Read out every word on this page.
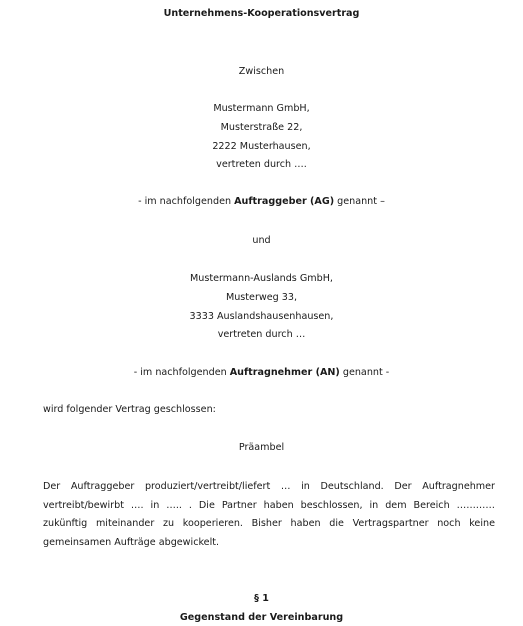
Unternehmens-Kooperationsvertrag
Zwischen
Mustermann GmbH,
Musterstraße 22,
2222 Musterhausen,
vertreten durch ….
- im nachfolgenden Auftraggeber (AG) genannt –
und
Mustermann-Auslands GmbH,
Musterweg 33,
3333 Auslandshausenhausen,
vertreten durch …
- im nachfolgenden Auftragnehmer (AN) genannt -
wird folgender Vertrag geschlossen:
Präambel
Der Auftraggeber produziert/vertreibt/liefert … in Deutschland. Der Auftragnehmer
vertreibt/bewirbt …. in ….. . Die Partner haben beschlossen, in dem Bereich …………
zukünftig miteinander zu kooperieren. Bisher haben die Vertragspartner noch keine
gemeinsamen Aufträge abgewickelt.
§ 1
Gegenstand der Vereinbarung
